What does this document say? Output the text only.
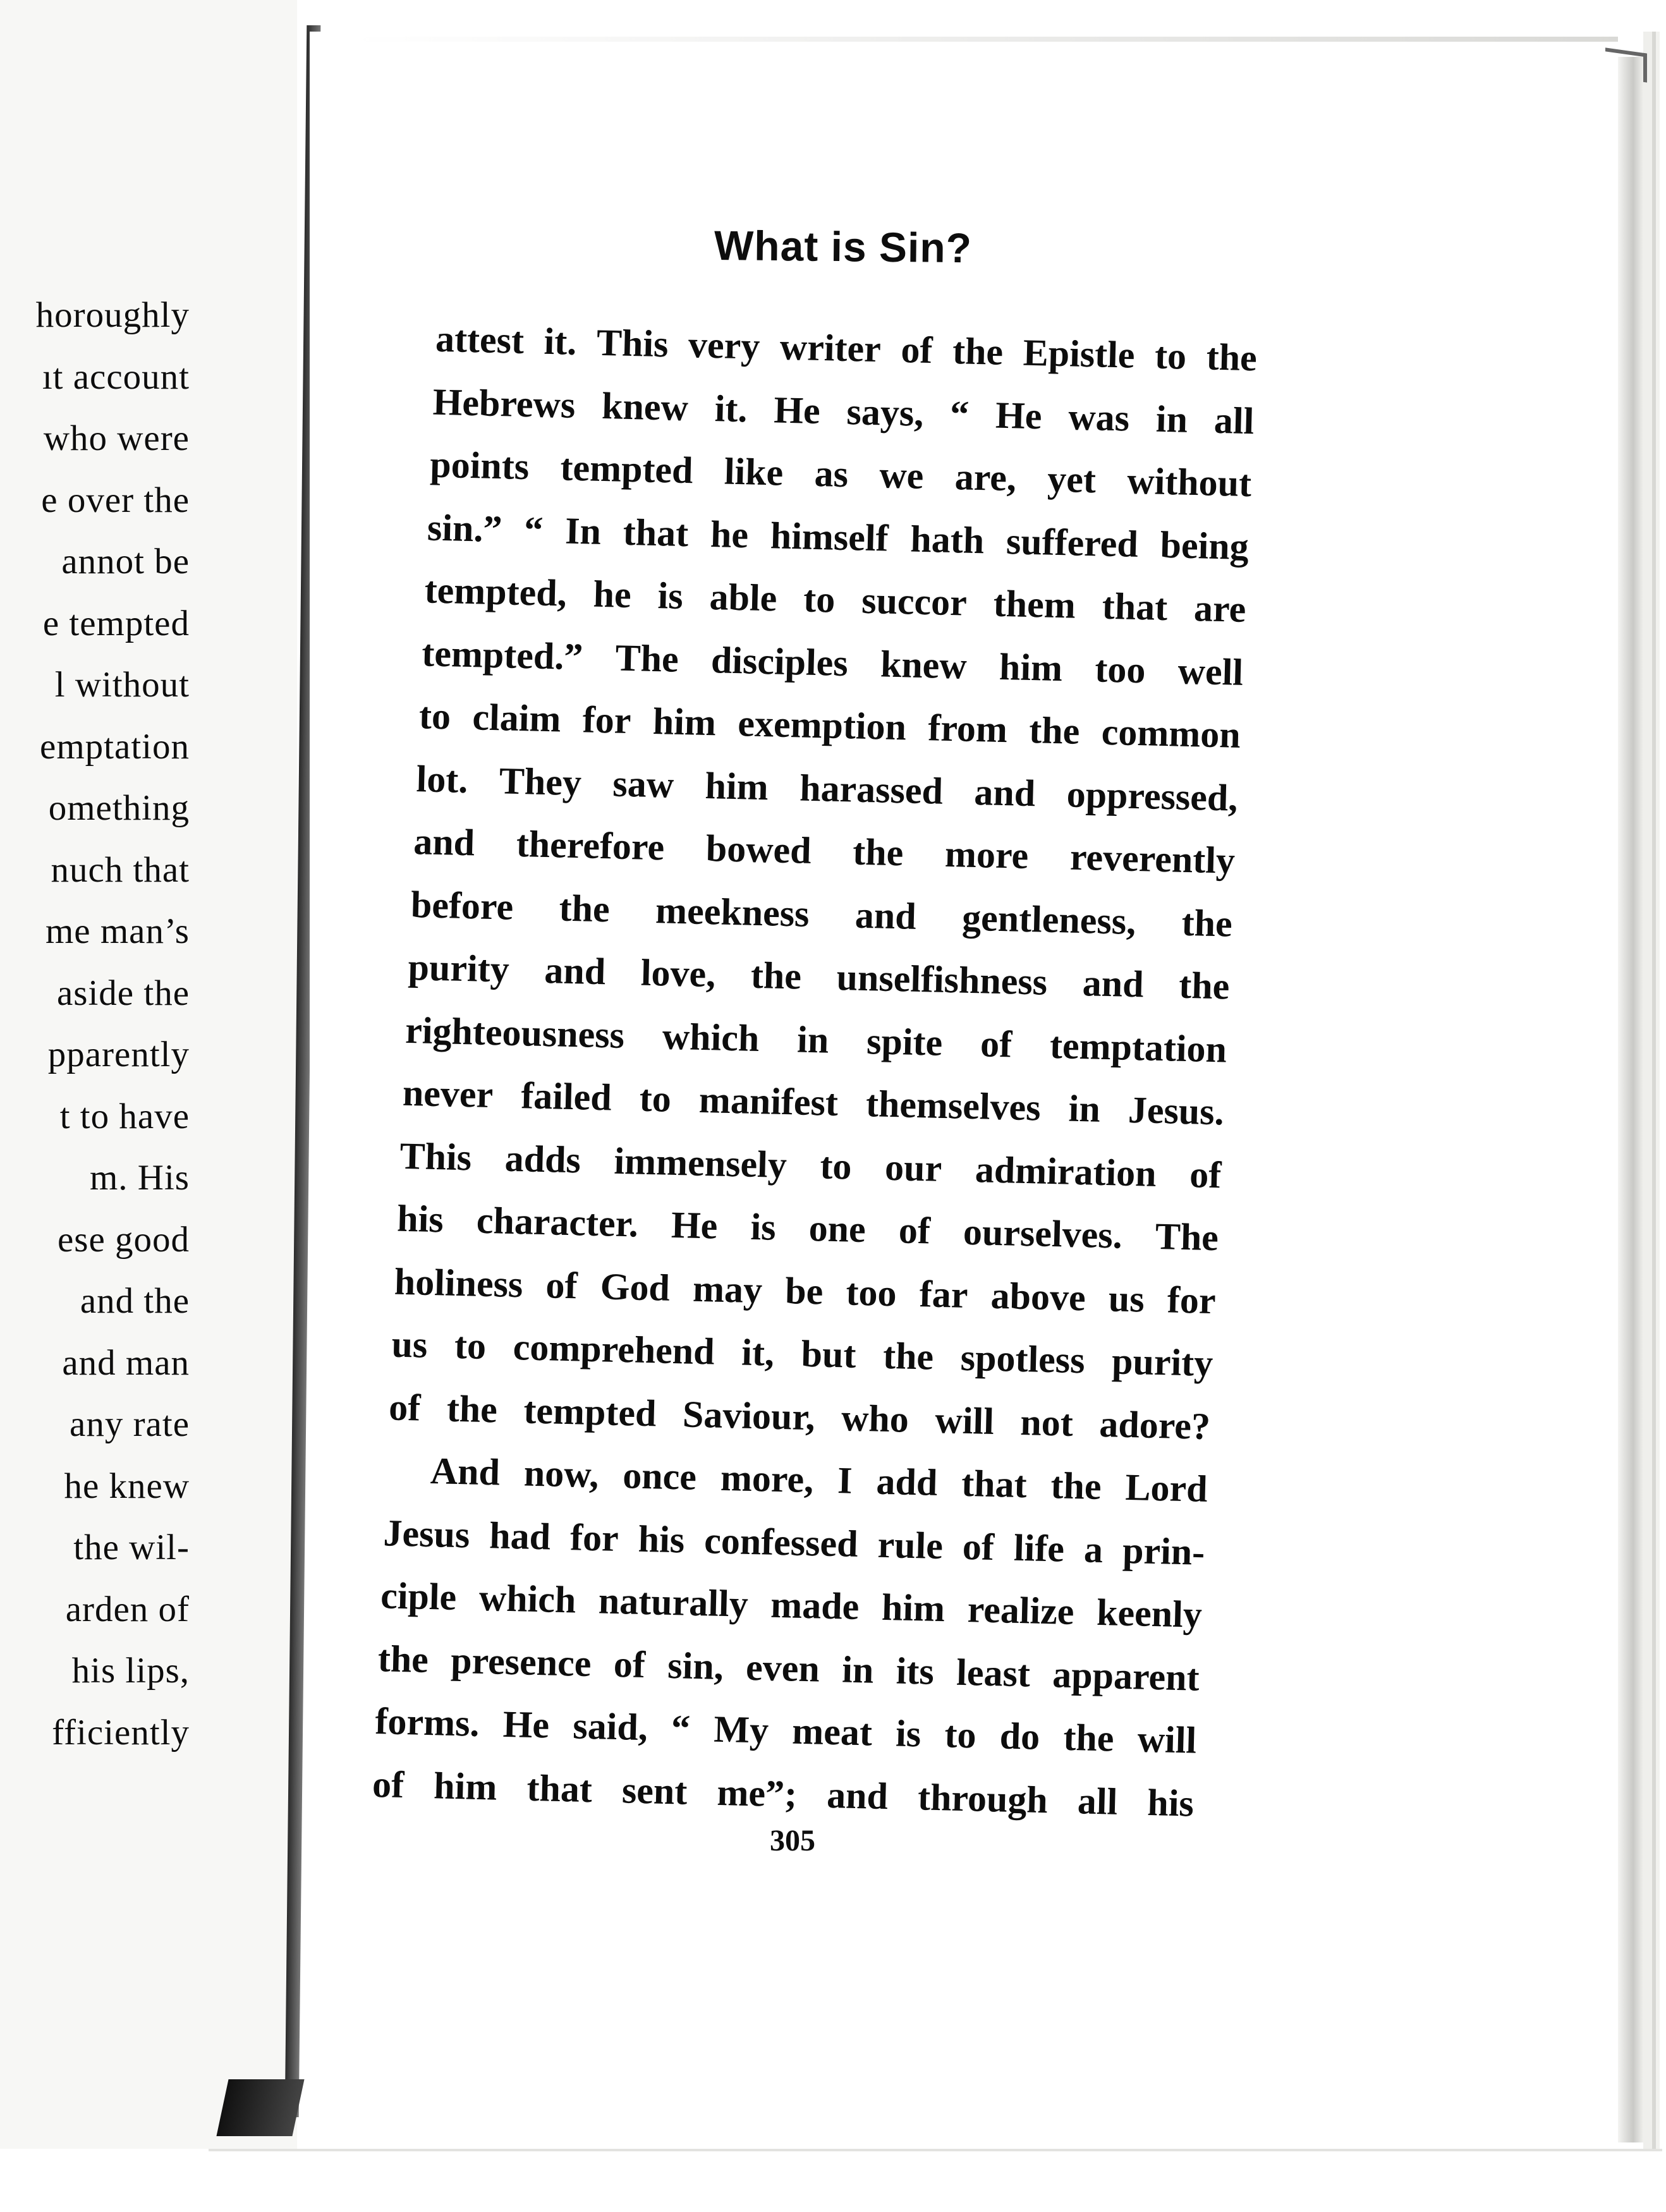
horoughly
ıt account
who were
e over the
annot be
e tempted
l without
emptation
omething
nuch that
me man’s
aside the
pparently
t to have
m. His
ese good
and the
and man
any rate
he knew
the wil-
arden of
his lips,
fficiently
What is Sin?
attest it. This very writer of the Epistle to the
Hebrews knew it. He says, “ He was in all
points tempted like as we are, yet without
sin.” “ In that he himself hath suffered being
tempted, he is able to succor them that are
tempted.” The disciples knew him too well
to claim for him exemption from the common
lot. They saw him harassed and oppressed,
and therefore bowed the more reverently
before the meekness and gentleness, the
purity and love, the unselfishness and the
righteousness which in spite of temptation
never failed to manifest themselves in Jesus.
This adds immensely to our admiration of
his character. He is one of ourselves. The
holiness of God may be too far above us for
us to comprehend it, but the spotless purity
of the tempted Saviour, who will not adore?
And now, once more, I add that the Lord
Jesus had for his confessed rule of life a prin-
ciple which naturally made him realize keenly
the presence of sin, even in its least apparent
forms. He said, “ My meat is to do the will
of him that sent me”; and through all his
305
